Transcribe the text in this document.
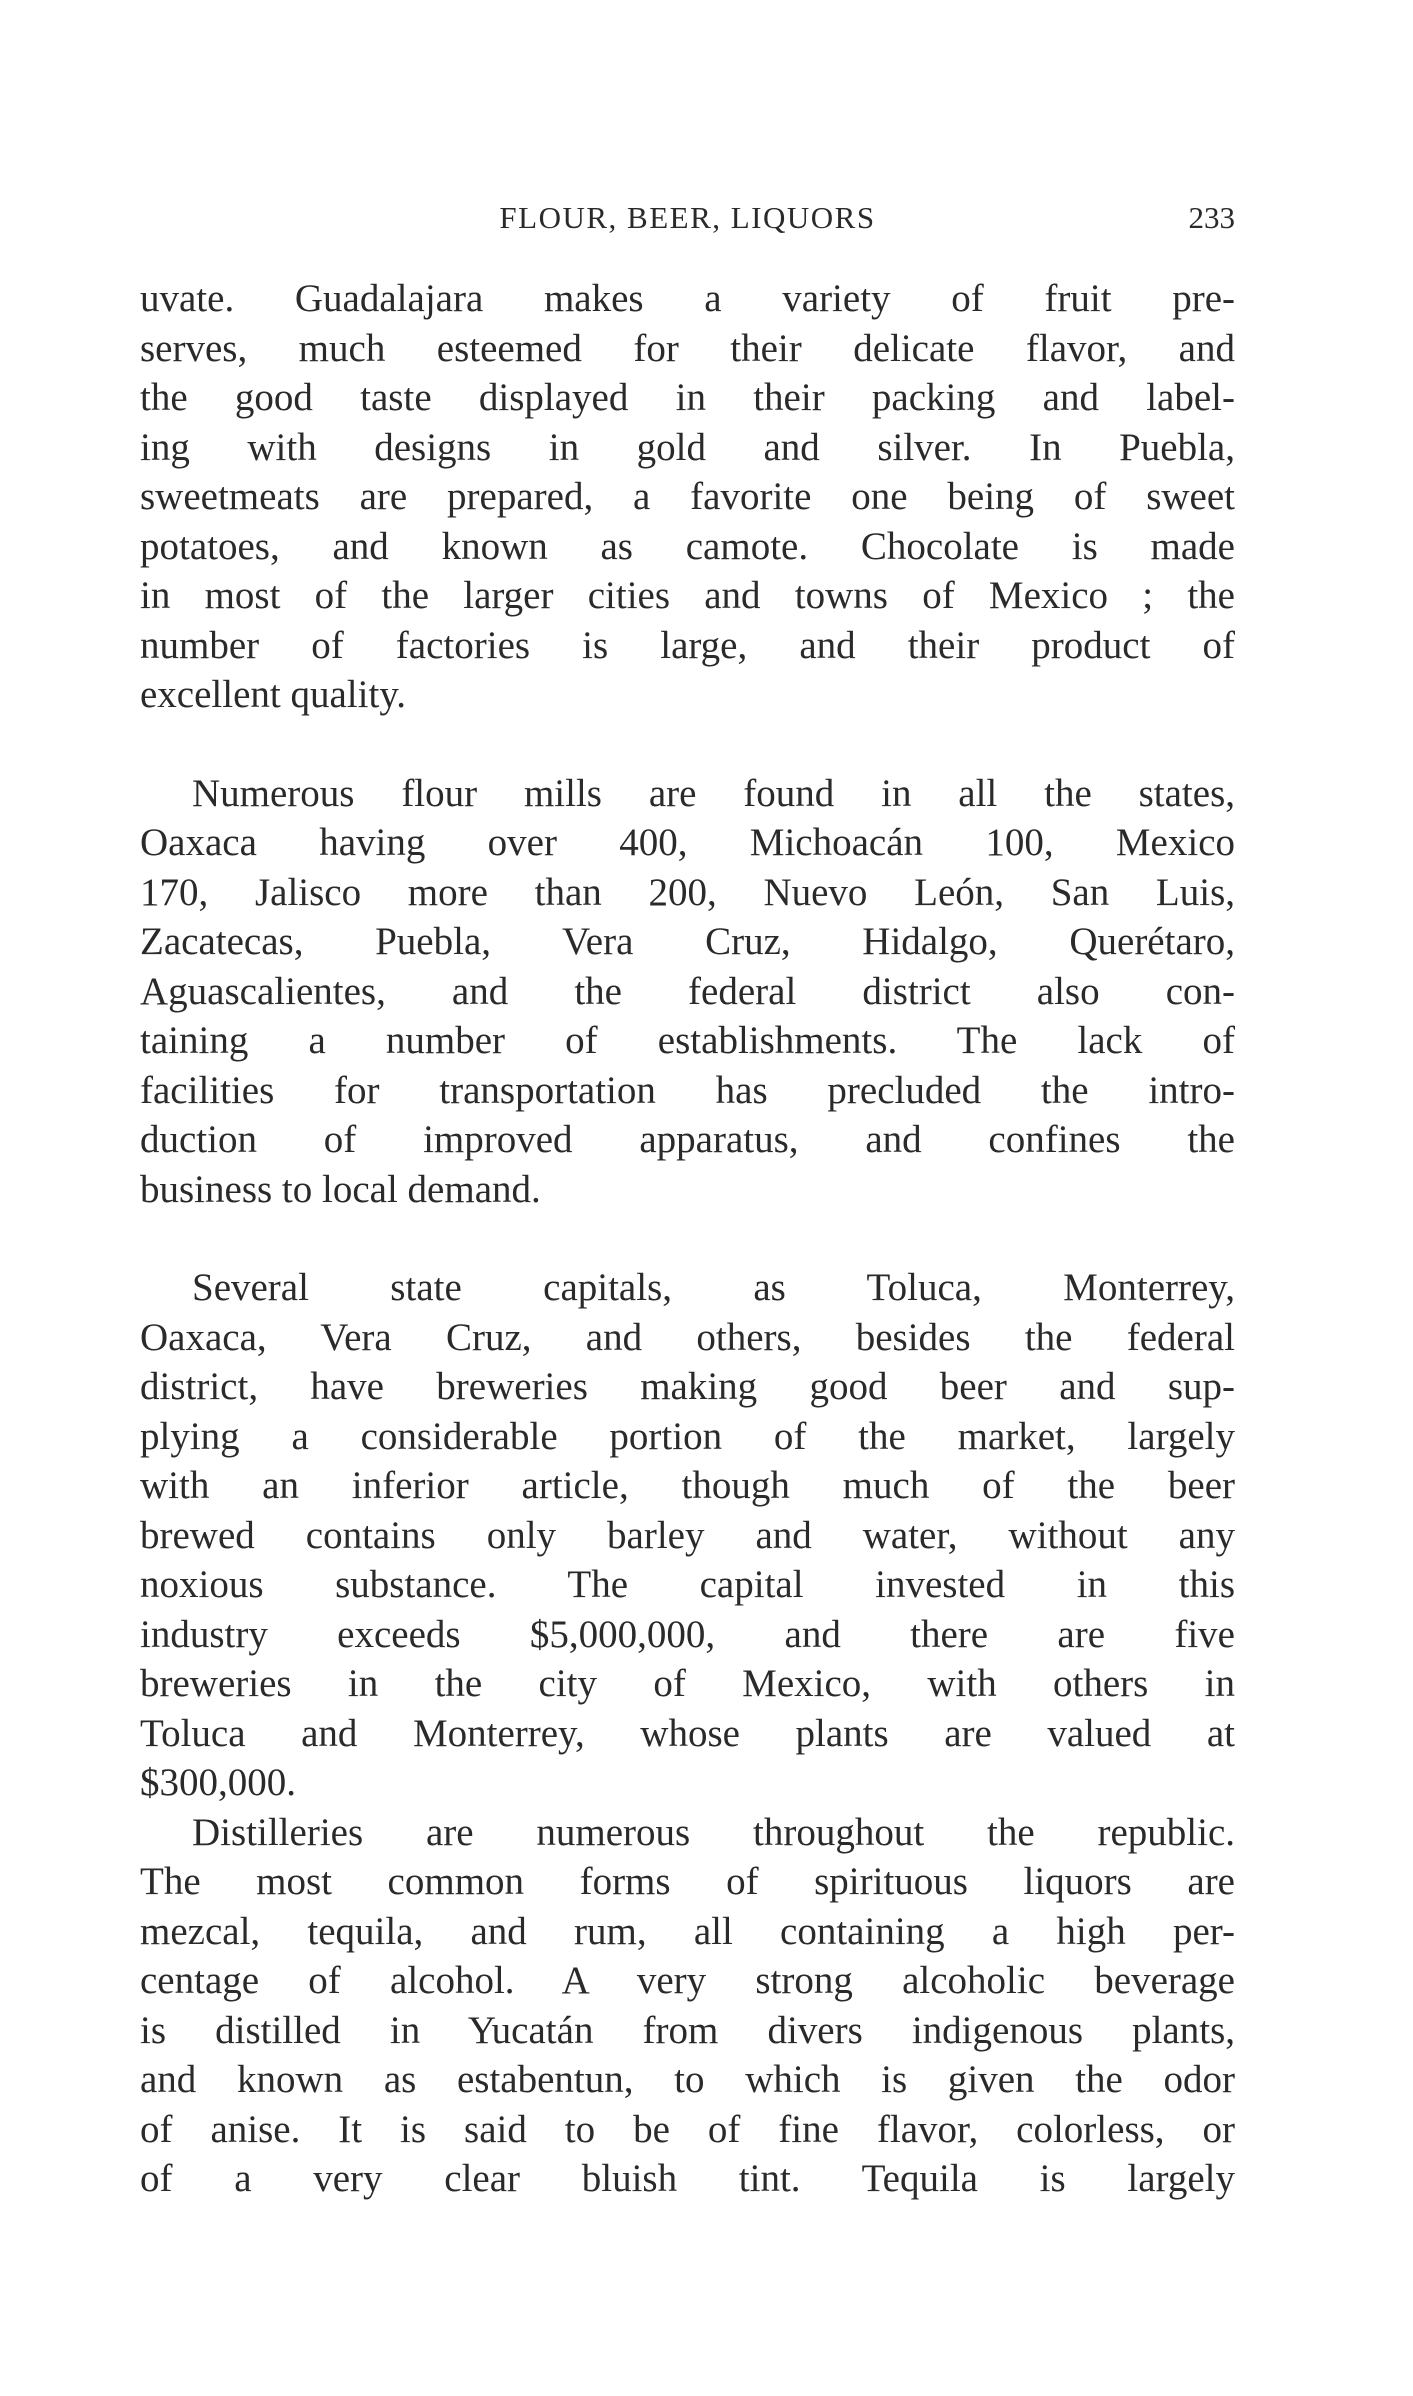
FLOUR, BEER, LIQUORS	233
uvate. Guadalajara makes a variety of fruit pre-
serves, much esteemed for their delicate flavor, and
the good taste displayed in their packing and label-
ing with designs in gold and silver. In Puebla,
sweetmeats are prepared, a favorite one being of sweet
potatoes, and known as camote. Chocolate is made
in most of the larger cities and towns of Mexico ; the
number of factories is large, and their product of
excellent quality.
Numerous flour mills are found in all the states,
Oaxaca having over 400, Michoacán 100, Mexico
170, Jalisco more than 200, Nuevo León, San Luis,
Zacatecas, Puebla, Vera Cruz, Hidalgo, Querétaro,
Aguascalientes, and the federal district also con-
taining a number of establishments. The lack of
facilities for transportation has precluded the intro-
duction of improved apparatus, and confines the
business to local demand.
Several state capitals, as Toluca, Monterrey,
Oaxaca, Vera Cruz, and others, besides the federal
district, have breweries making good beer and sup-
plying a considerable portion of the market, largely
with an inferior article, though much of the beer
brewed contains only barley and water, without any
noxious substance. The capital invested in this
industry exceeds $5,000,000, and there are five
breweries in the city of Mexico, with others in
Toluca and Monterrey, whose plants are valued at
$300,000.
Distilleries are numerous throughout the republic.
The most common forms of spirituous liquors are
mezcal, tequila, and rum, all containing a high per-
centage of alcohol. A very strong alcoholic beverage
is distilled in Yucatán from divers indigenous plants,
and known as estabentun, to which is given the odor
of anise. It is said to be of fine flavor, colorless, or
of a very clear bluish tint. Tequila is largely
